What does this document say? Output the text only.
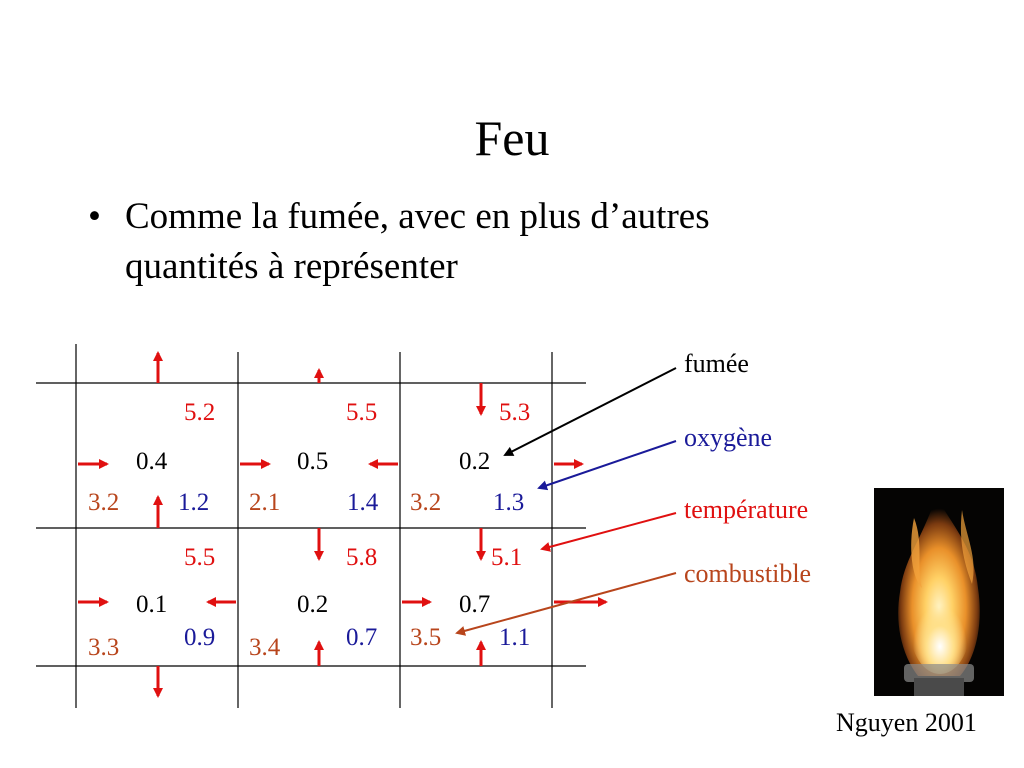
Feu
• Comme la fumée, avec en plus d’autres
quantités à représenter
5.2
0.4
3.2 1.2
5.5
0.5
2.1	1.4
5.3
0.2
3.2 1.3
5.5
0.1
3.3	0.9
5.8
0.2
3.4	0.7
5.1
0.7
3.5 1.1
fumée
oxygène
température
combustible
Nguyen 2001
